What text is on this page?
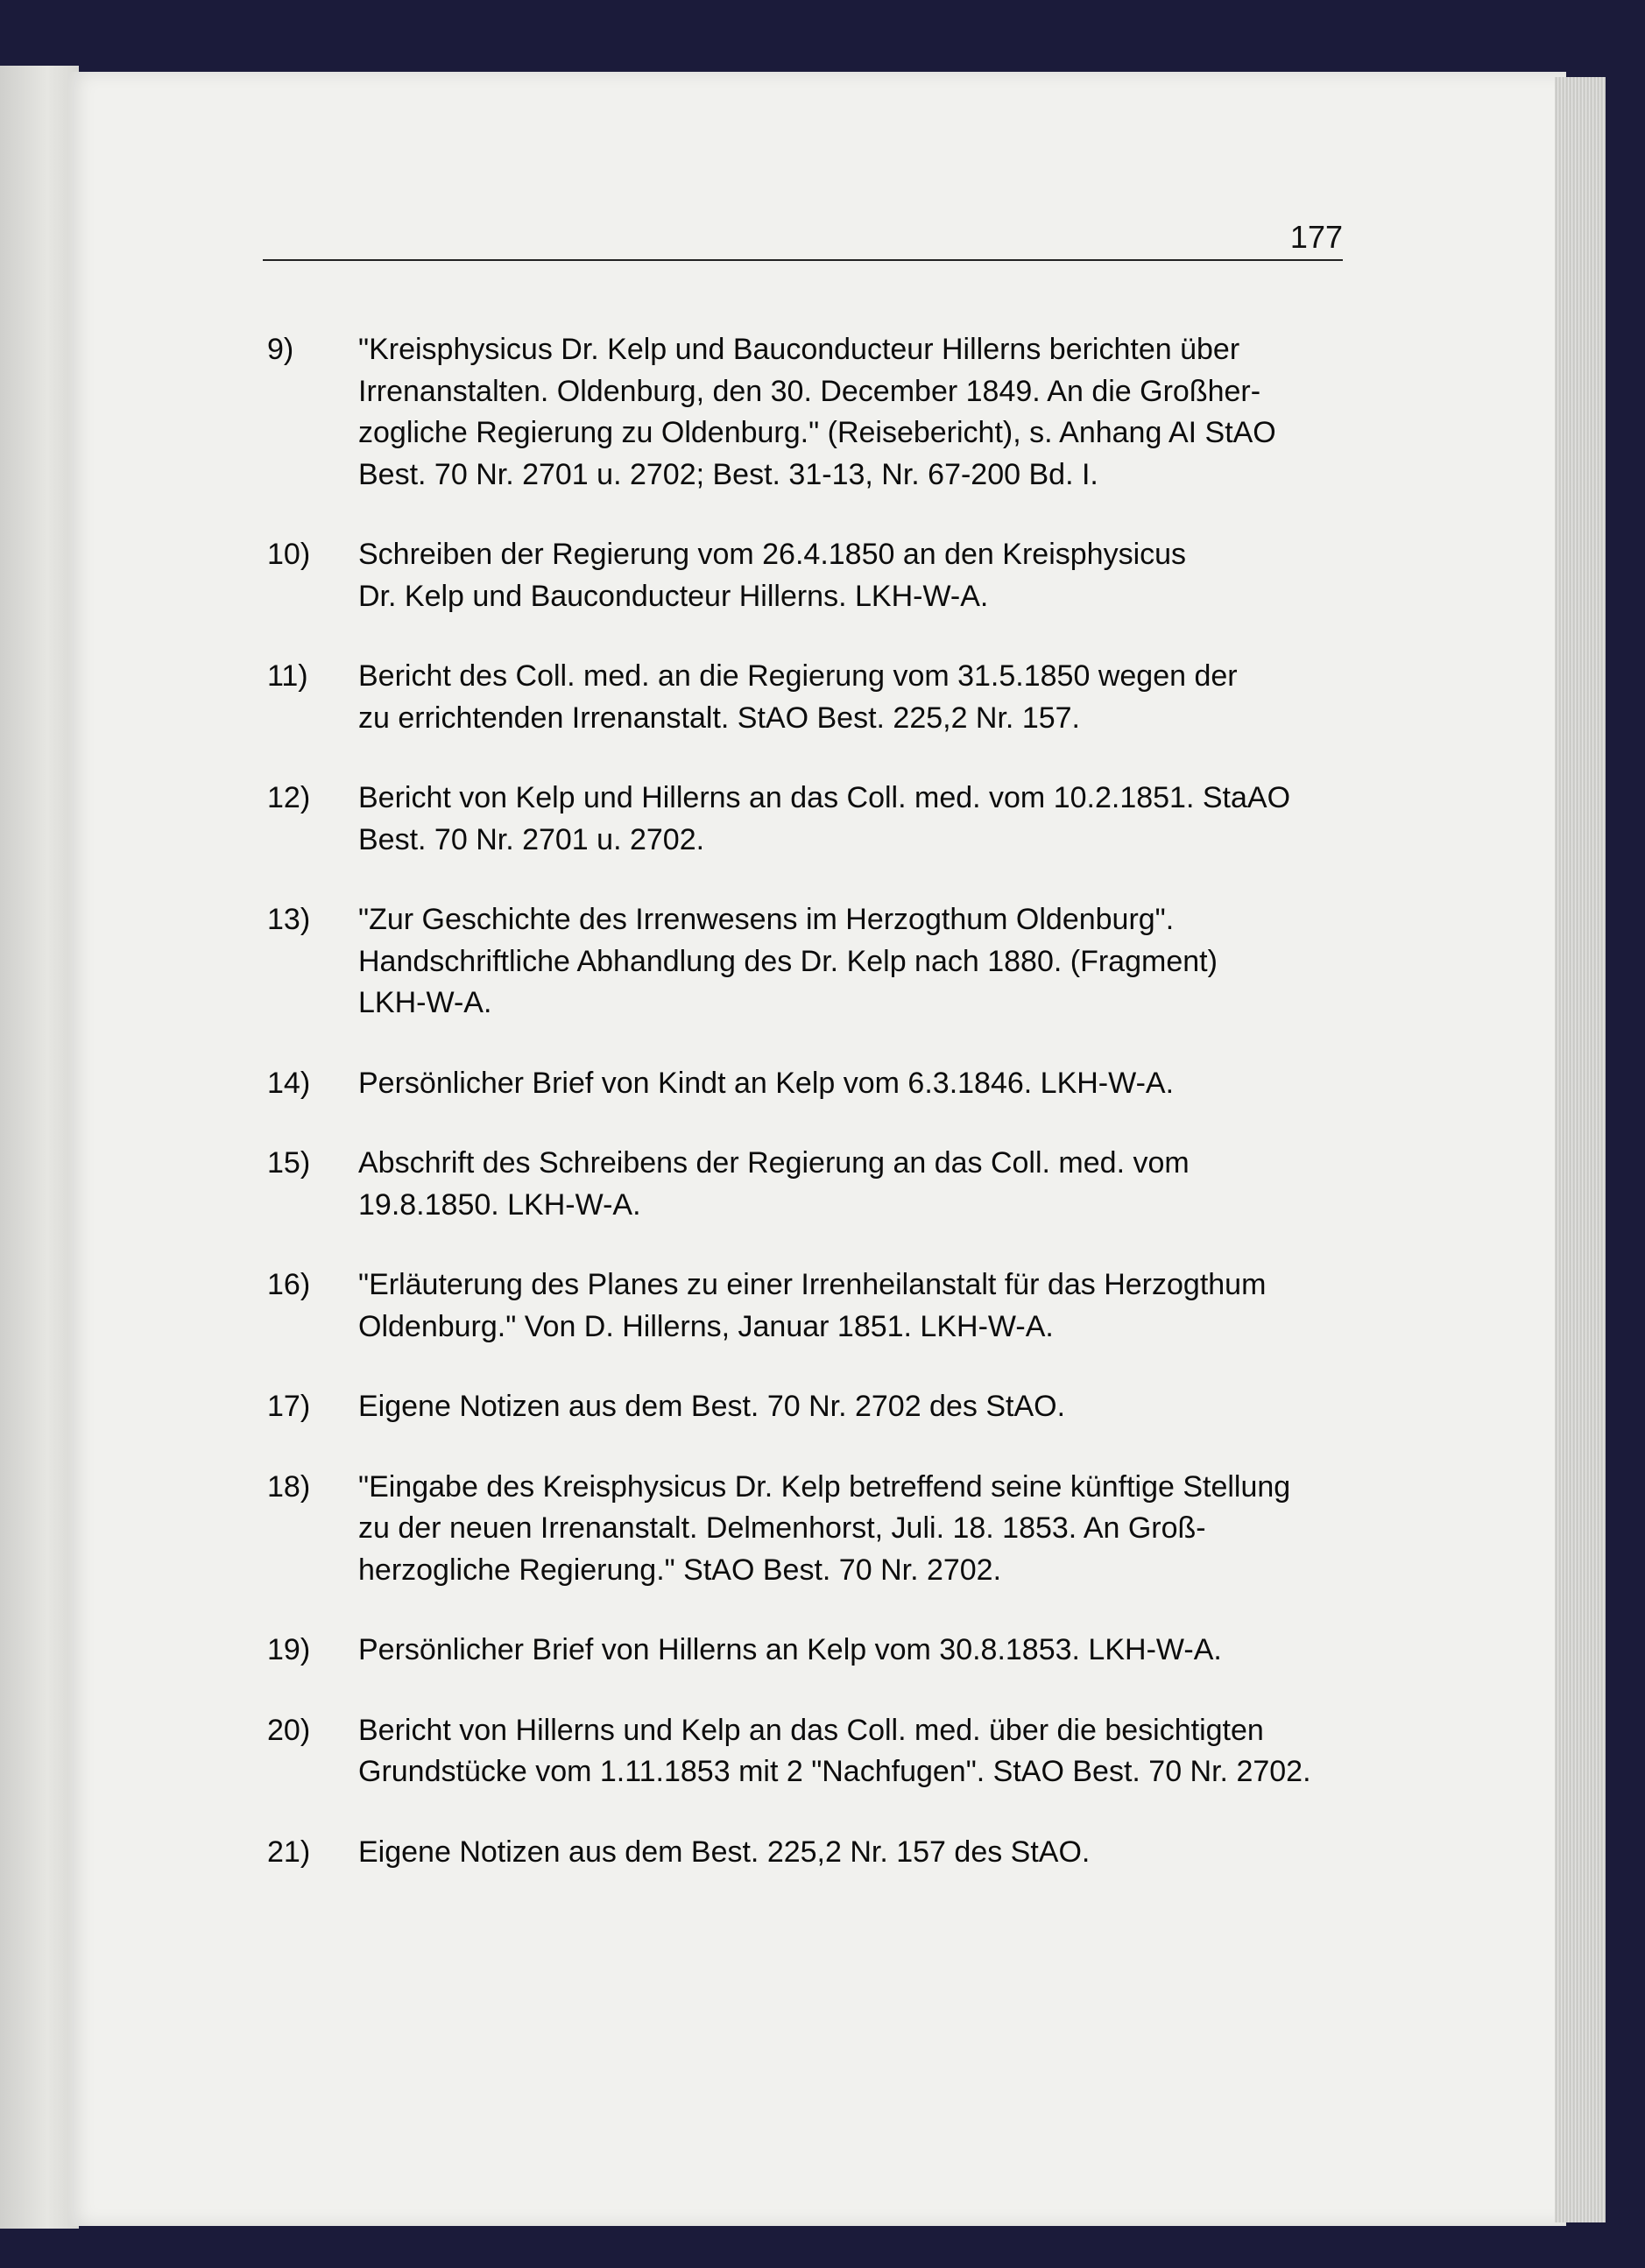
177
9)	"Kreisphysicus Dr. Kelp und Bauconducteur Hillerns berichten über
Irrenanstalten. Oldenburg, den 30. December 1849. An die Großher-
zogliche Regierung zu Oldenburg." (Reisebericht), s. Anhang AI StAO
Best. 70 Nr. 2701 u. 2702; Best. 31-13, Nr. 67-200 Bd. I.
10)	Schreiben der Regierung vom 26.4.1850 an den Kreisphysicus
Dr. Kelp und Bauconducteur Hillerns. LKH-W-A.
11)	Bericht des Coll. med. an die Regierung vom 31.5.1850 wegen der
zu errichtenden Irrenanstalt. StAO Best. 225,2 Nr. 157.
12)	Bericht von Kelp und Hillerns an das Coll. med. vom 10.2.1851. StaAO
Best. 70 Nr. 2701 u. 2702.
13)	"Zur Geschichte des Irrenwesens im Herzogthum Oldenburg".
Handschriftliche Abhandlung des Dr. Kelp nach 1880. (Fragment)
LKH-W-A.
14)	Persönlicher Brief von Kindt an Kelp vom 6.3.1846. LKH-W-A.
15)	Abschrift des Schreibens der Regierung an das Coll. med. vom
19.8.1850. LKH-W-A.
16)	"Erläuterung des Planes zu einer Irrenheilanstalt für das Herzogthum
Oldenburg." Von D. Hillerns, Januar 1851. LKH-W-A.
17)	Eigene Notizen aus dem Best. 70 Nr. 2702 des StAO.
18)	"Eingabe des Kreisphysicus Dr. Kelp betreffend seine künftige Stellung
zu der neuen Irrenanstalt. Delmenhorst, Juli. 18. 1853. An Groß-
herzogliche Regierung." StAO Best. 70 Nr. 2702.
19)	Persönlicher Brief von Hillerns an Kelp vom 30.8.1853. LKH-W-A.
20)	Bericht von Hillerns und Kelp an das Coll. med. über die besichtigten
Grundstücke vom 1.11.1853 mit 2 "Nachfugen". StAO Best. 70 Nr. 2702.
21)	Eigene Notizen aus dem Best. 225,2 Nr. 157 des StAO.
